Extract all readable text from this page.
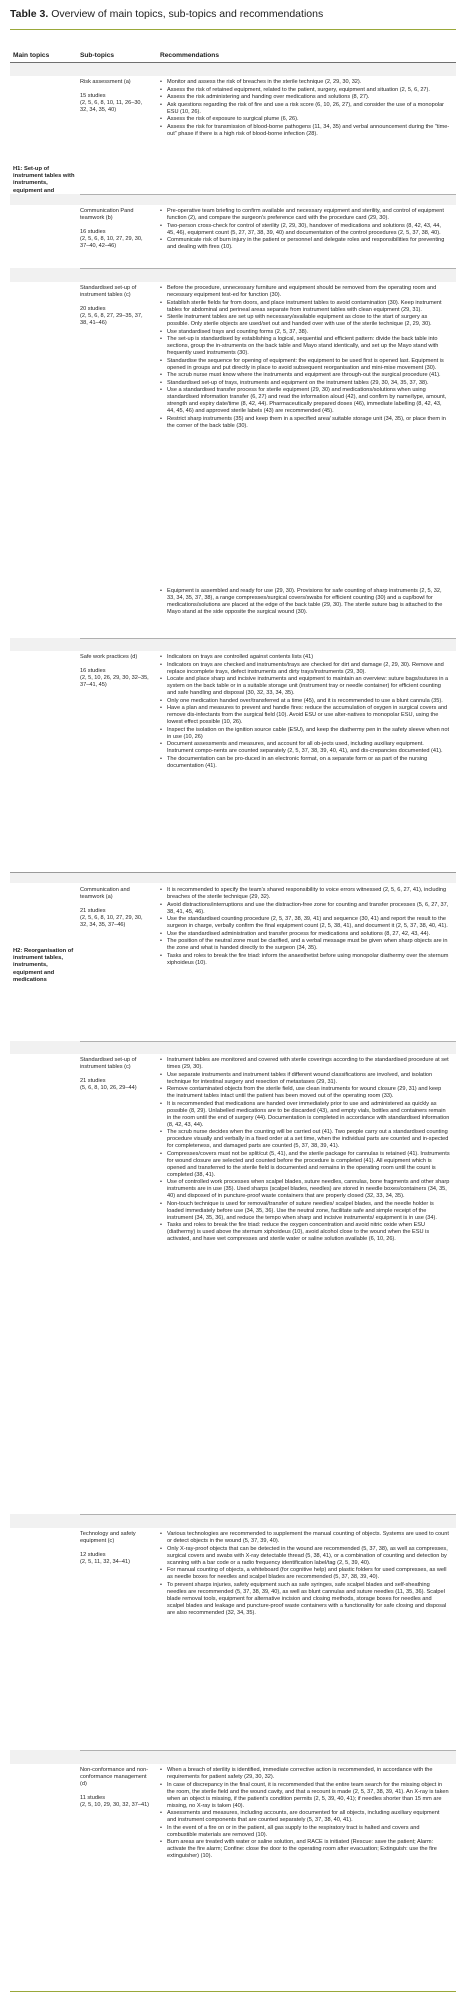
Table 3. Overview of main topics, sub-topics and recommendations
Main topics	Sub-topics	Recommendations
H1: Set-up of instrument tables with instruments, equipment and
Risk assessment (a)
15 studies
(2, 5, 6, 8, 10, 11, 26–30, 32, 34, 35, 40)
• Monitor and assess the risk of breaches in the sterile technique (2, 29, 30, 32).
• Assess the risk of retained equipment, related to the patient, surgery, equipment and situation (2, 5, 6, 27).
• Assess the risk administering and handing over medications and solutions (8, 27).
• Ask questions regarding the risk of fire and use a risk score (6, 10, 26, 27), and consider the use of a monopolar ESU (10, 26).
• Assess the risk of exposure to surgical plume (6, 26).
• Assess the risk for transmission of blood-borne pathogens (11, 34, 35) and verbal announcement during the “time-out” phase if there is a high risk of blood-borne infection (28).
Communication Pand teamwork (b)
16 studies
(2, 5, 6, 8, 10, 27, 29, 30, 37–40, 42–46)
• Pre-operative team briefing to confirm available and necessary equipment and sterility, and control of equipment function (2), and compare the surgeon’s preference card with the procedure card (29, 30).
• Two-person cross-check for control of sterility (2, 29, 30), handover of medications and solutions (8, 42, 43, 44, 45, 46), equipment count (5, 27, 37, 38, 39, 40) and documentation of the control procedures (2, 5, 37, 38, 40).
• Communicate risk of burn injury in the patient or personnel and delegate roles and responsibilities for preventing and dealing with fires (10).
Standardised set-up of instrument tables (c)
20 studies
(2, 5, 6, 8, 27, 29–35, 37, 38, 41–46)
• Before the procedure, unnecessary furniture and equipment should be removed from the operating room and necessary equipment test-ed for function (30).
• Establish sterile fields far from doors, and place instrument tables to avoid contamination (30). Keep instrument tables for abdominal and perineal areas separate from instrument tables with clean equipment (29, 31).
• Sterile instrument tables are set up with necessary/available equipment as close to the start of surgery as possible. Only sterile objects are used/set out and handed over with use of the sterile technique (2, 29, 30).
• Use standardised trays and counting forms (2, 5, 37, 38).
• The set-up is standardised by establishing a logical, sequential and efficient pattern: divide the back table into sections, group the in-struments on the back table and Mayo stand identically, and set up the Mayo stand with frequently used instruments (30).
• Standardise the sequence for opening of equipment: the equipment to be used first is opened last. Equipment is opened in groups and put directly in place to avoid subsequent reorganisation and mini-mise movement (30).
• The scrub nurse must know where the instruments and equipment are through-out the surgical procedure (41).
• Standardised set-up of trays, instruments and equipment on the instrument tables (29, 30, 34, 35, 37, 38).
• Use a standardised transfer process for sterile equipment (29, 30) and medications/solutions when using standardised information transfer (6, 27) and read the information aloud (42), and confirm by name/type, amount, strength and expiry date/time (8, 42, 44). Pharmaceutically prepared doses (46), immediate labelling (8, 42, 43, 44, 45, 46) and approved sterile labels (43) are recommended (45).
• Restrict sharp instruments (35) and keep them in a specified area/ suitable storage unit (34, 35), or place them in the corner of the back table (30).
• Equipment is assembled and ready for use (29, 30). Provisions for safe counting of sharp instruments (2, 5, 32, 33, 34, 35, 37, 38), a range compresses/surgical covers/swabs for efficient counting (30) and a cup/bowl for medications/solutions are placed at the edge of the back table (29, 30). The sterile suture bag is attached to the Mayo stand at the side opposite the surgical wound (30).
Safe work practices (d)
16 studies
(2, 5, 10, 26, 29, 30, 32–35, 37–41, 45)
• Indicators on trays are controlled against contents lists (41)
• Indicators on trays are checked and instruments/trays are checked for dirt and damage (2, 29, 30). Remove and replace incomplete trays, defect instruments and dirty trays/instruments (29, 30).
• Locate and place sharp and incisive instruments and equipment to maintain an overview: suture bags/sutures in a system on the back table or in a suitable storage unit (instrument tray or needle container) for efficient counting and safe handling and disposal (30, 32, 33, 34, 35).
• Only one medication handed over/transferred at a time (45), and it is recommended to use a blunt cannula (35).
• Have a plan and measures to prevent and handle fires: reduce the accumulation of oxygen in surgical covers and remove dis-infectants from the surgical field (10). Avoid ESU or use alter-natives to monopolar ESU, using the lowest effect possible (10, 26).
• Inspect the isolation on the ignition source cable (ESU), and keep the diathermy pen in the safety sleeve when not in use (10, 26)
• Document assessments and measures, and account for all ob-jects used, including auxiliary equipment. Instrument compo-nents are counted separately (2, 5, 37, 38, 39, 40, 41), and dis-crepancies documented (41).
• The documentation can be pro-duced in an electronic format, on a separate form or as part of the nursing documentation (41).
H2: Reorganisation of instrument tables, instruments, equipment and medications
Communication and teamwork (a)
21 studies
(2, 5, 6, 8, 10, 27, 29, 30, 32, 34, 35, 37–46)
• It is recommended to specify the team’s shared responsibility to voice errors witnessed (2, 5, 6, 27, 41), including breaches of the sterile technique (29, 32).
• Avoid distractions/interruptions and use the distraction-free zone for counting and transfer processes (5, 6, 27, 37, 38, 41, 45, 46).
• Use the standardised counting procedure (2, 5, 37, 38, 39, 41) and sequence (30, 41) and report the result to the surgeon in charge, verbally confirm the final equipment count (2, 5, 38, 41), and document it (2, 5, 37, 38, 40, 41).
• Use the standardised administration and transfer process for medications and solutions (8, 27, 42, 43, 44).
• The position of the neutral zone must be clarified, and a verbal message must be given when sharp objects are in the zone and what is handed directly to the surgeon (34, 35).
• Tasks and roles to break the fire triad: inform the anaesthetist before using monopolar diathermy over the sternum xiphoideus (10).
Standardised set-up of instrument tables (c)
21 studies
(5, 6, 8, 10, 26, 29–44)
• Instrument tables are monitored and covered with sterile coverings according to the standardised procedure at set times (29, 30).
• Use separate instruments and instrument tables if different wound classifications are involved, and isolation technique for intestinal surgery and resection of metastases (29, 31).
• Remove contaminated objects from the sterile field, use clean instruments for wound closure (29, 31) and keep the instrument tables intact until the patient has been moved out of the operating room (33).
• It is recommended that medications are handed over immediately prior to use and administered as quickly as possible (8, 29). Unlabelled medications are to be discarded (43), and empty vials, bottles and containers remain in the room until the end of surgery (44). Documentation is completed in accordance with standardised information (8, 42, 43, 44).
• The scrub nurse decides when the counting will be carried out (41). Two people carry out a standardised counting procedure visually and verbally in a fixed order at a set time, when the individual parts are counted and in-spected for completeness, and damaged parts are counted (5, 37, 38, 39, 41).
• Compresses/covers must not be split/cut (5, 41), and the sterile package for cannulas is retained (41). Instruments for wound closure are selected and counted before the procedure is completed (41). All equipment which is opened and transferred to the sterile field is documented and remains in the operating room until the count is completed (38, 41).
• Use of controlled work processes when scalpel blades, suture needles, cannulas, bone fragments and other sharp instruments are in use (35). Used sharps (scalpel blades, needles) are stored in needle boxes/containers (34, 35, 40) and disposed of in puncture-proof waste containers that are properly closed (32, 33, 34, 35).
• Non-touch technique is used for removal/transfer of suture needles/ scalpel blades, and the needle holder is loaded immediately before use (34, 35, 36). Use the neutral zone, facilitate safe and simple receipt of the instrument (34, 35, 36), and reduce the tempo when sharp and incisive instruments/ equipment is in use (34).
• Tasks and roles to break the fire triad: reduce the oxygen concentration and avoid nitric oxide when ESU (diathermy) is used above the sternum xiphoideus (10), avoid alcohol close to the wound when the ESU is activated, and have wet compresses and sterile water or saline solution available (6, 10, 26).
Technology and safety equipment (c)
12 studies
(2, 5, 11, 32, 34–41)
• Various technologies are recommended to supplement the manual counting of objects. Systems are used to count or detect objects in the wound (5, 37, 39, 40).
• Only X-ray-proof objects that can be detected in the wound are recommended (5, 37, 38), as well as compresses, surgical covers and swabs with X-ray detectable thread (5, 38, 41), or a combination of counting and detection by scanning with a bar code or a radio frequency identification label/tag (2, 5, 39, 40).
• For manual counting of objects, a whiteboard (for cognitive help) and plastic folders for used compresses, as well as needle boxes for needles and scalpel blades are recommended (5, 37, 38, 39, 40).
• To prevent sharps injuries, safety equipment such as safe syringes, safe scalpel blades and self-sheathing needles are recommended (5, 37, 38, 39, 40), as well as blunt cannulas and suture needles (11, 35, 36). Scalpel blade removal tools, equipment for alternative incision and closing methods, storage boxes for needles and scalpel blades and leakage and puncture-proof waste containers with a functionality for safe closing and disposal are also recommended (32, 34, 35).
Non-conformance and non-conformance management (d)
11 studies
(2, 5, 10, 29, 30, 32, 37–41)
• When a breach of sterility is identified, immediate corrective action is recommended, in accordance with the requirements for patient safety (29, 30, 32).
• In case of discrepancy in the final count, it is recommended that the entire team search for the missing object in the room, the sterile field and the wound cavity, and that a recount is made (2, 5, 37, 38, 39, 41). An X-ray is taken when an object is missing, if the patient’s condition permits (2, 5, 39, 40, 41); if needles shorter than 15 mm are missing, no X-ray is taken (40).
• Assessments and measures, including accounts, are documented for all objects, including auxiliary equipment and instrument components that are counted separately (5, 37, 38, 40, 41).
• In the event of a fire on or in the patient, all gas supply to the respiratory tract is halted and covers and combustible materials are removed (10).
• Burn areas are treated with water or saline solution, and RACE is initiated (Rescue: save the patient; Alarm: activate the fire alarm; Confine: close the door to the operating room after evacuation; Extinguish: use the fire extinguisher) (10).
